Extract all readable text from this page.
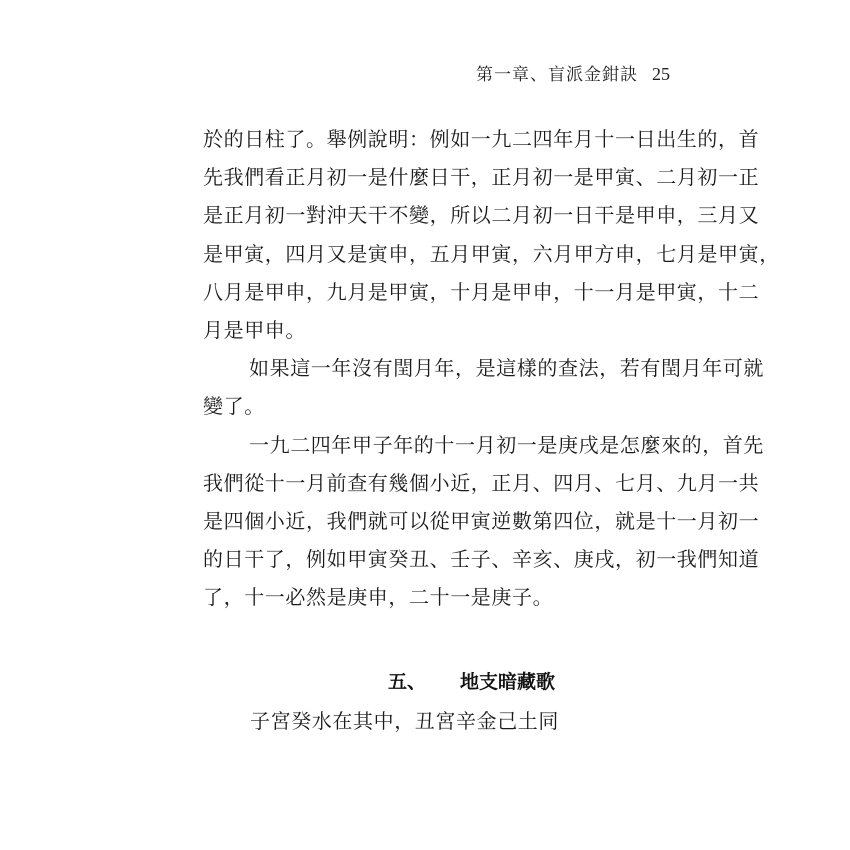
第一章、盲派金鉗訣 25
於的日柱了。舉例說明：例如一九二四年月十一日出生的，首
先我們看正月初一是什麼日干，正月初一是甲寅、二月初一正
是正月初一對沖天干不變，所以二月初一日干是甲申，三月又
是甲寅，四月又是寅申，五月甲寅，六月甲方申，七月是甲寅，
八月是甲申，九月是甲寅，十月是甲申，十一月是甲寅，十二
月是甲申。
如果這一年沒有閏月年，是這樣的查法，若有閏月年可就
變了。
一九二四年甲子年的十一月初一是庚戌是怎麼來的，首先
我們從十一月前查有幾個小近，正月、四月、七月、九月一共
是四個小近，我們就可以從甲寅逆數第四位，就是十一月初一
的日干了，例如甲寅癸丑、壬子、辛亥、庚戌，初一我們知道
了，十一必然是庚申，二十一是庚子。
五、 地支暗藏歌
子宮癸水在其中，丑宮辛金己土同
